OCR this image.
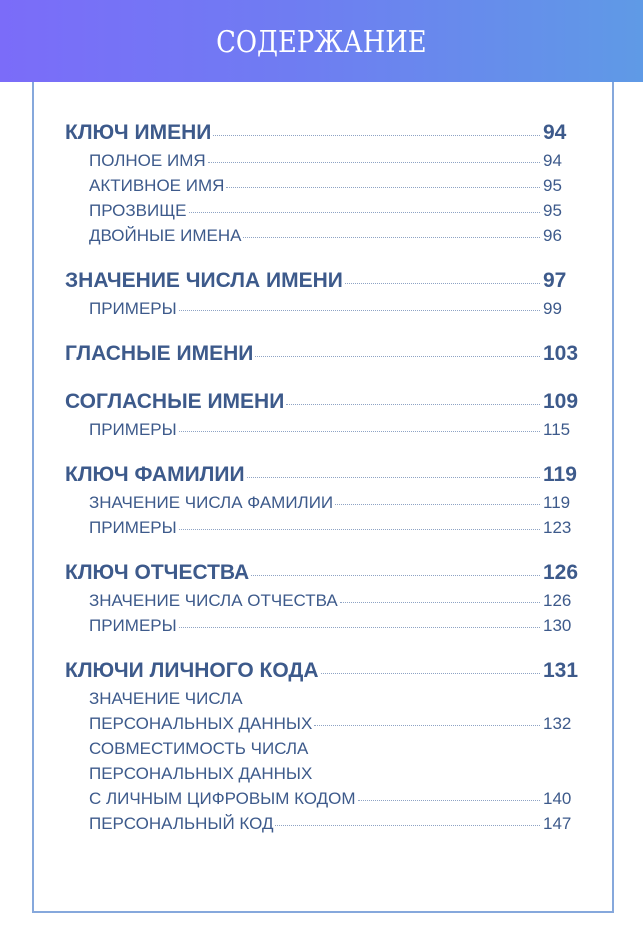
СОДЕРЖАНИЕ
КЛЮЧ ИМЕНИ	94
ПОЛНОЕ ИМЯ	94
АКТИВНОЕ ИМЯ	95
ПРОЗВИЩЕ	95
ДВОЙНЫЕ ИМЕНА	96
ЗНАЧЕНИЕ ЧИСЛА ИМЕНИ	97
ПРИМЕРЫ	99
ГЛАСНЫЕ ИМЕНИ	103
СОГЛАСНЫЕ ИМЕНИ	109
ПРИМЕРЫ	115
КЛЮЧ ФАМИЛИИ	119
ЗНАЧЕНИЕ ЧИСЛА ФАМИЛИИ	119
ПРИМЕРЫ	123
КЛЮЧ ОТЧЕСТВА	126
ЗНАЧЕНИЕ ЧИСЛА ОТЧЕСТВА	126
ПРИМЕРЫ	130
КЛЮЧИ ЛИЧНОГО КОДА	131
ЗНАЧЕНИЕ ЧИСЛА
ПЕРСОНАЛЬНЫХ ДАННЫХ	132
СОВМЕСТИМОСТЬ ЧИСЛА
ПЕРСОНАЛЬНЫХ ДАННЫХ
С ЛИЧНЫМ ЦИФРОВЫМ КОДОМ	140
ПЕРСОНАЛЬНЫЙ КОД	147
